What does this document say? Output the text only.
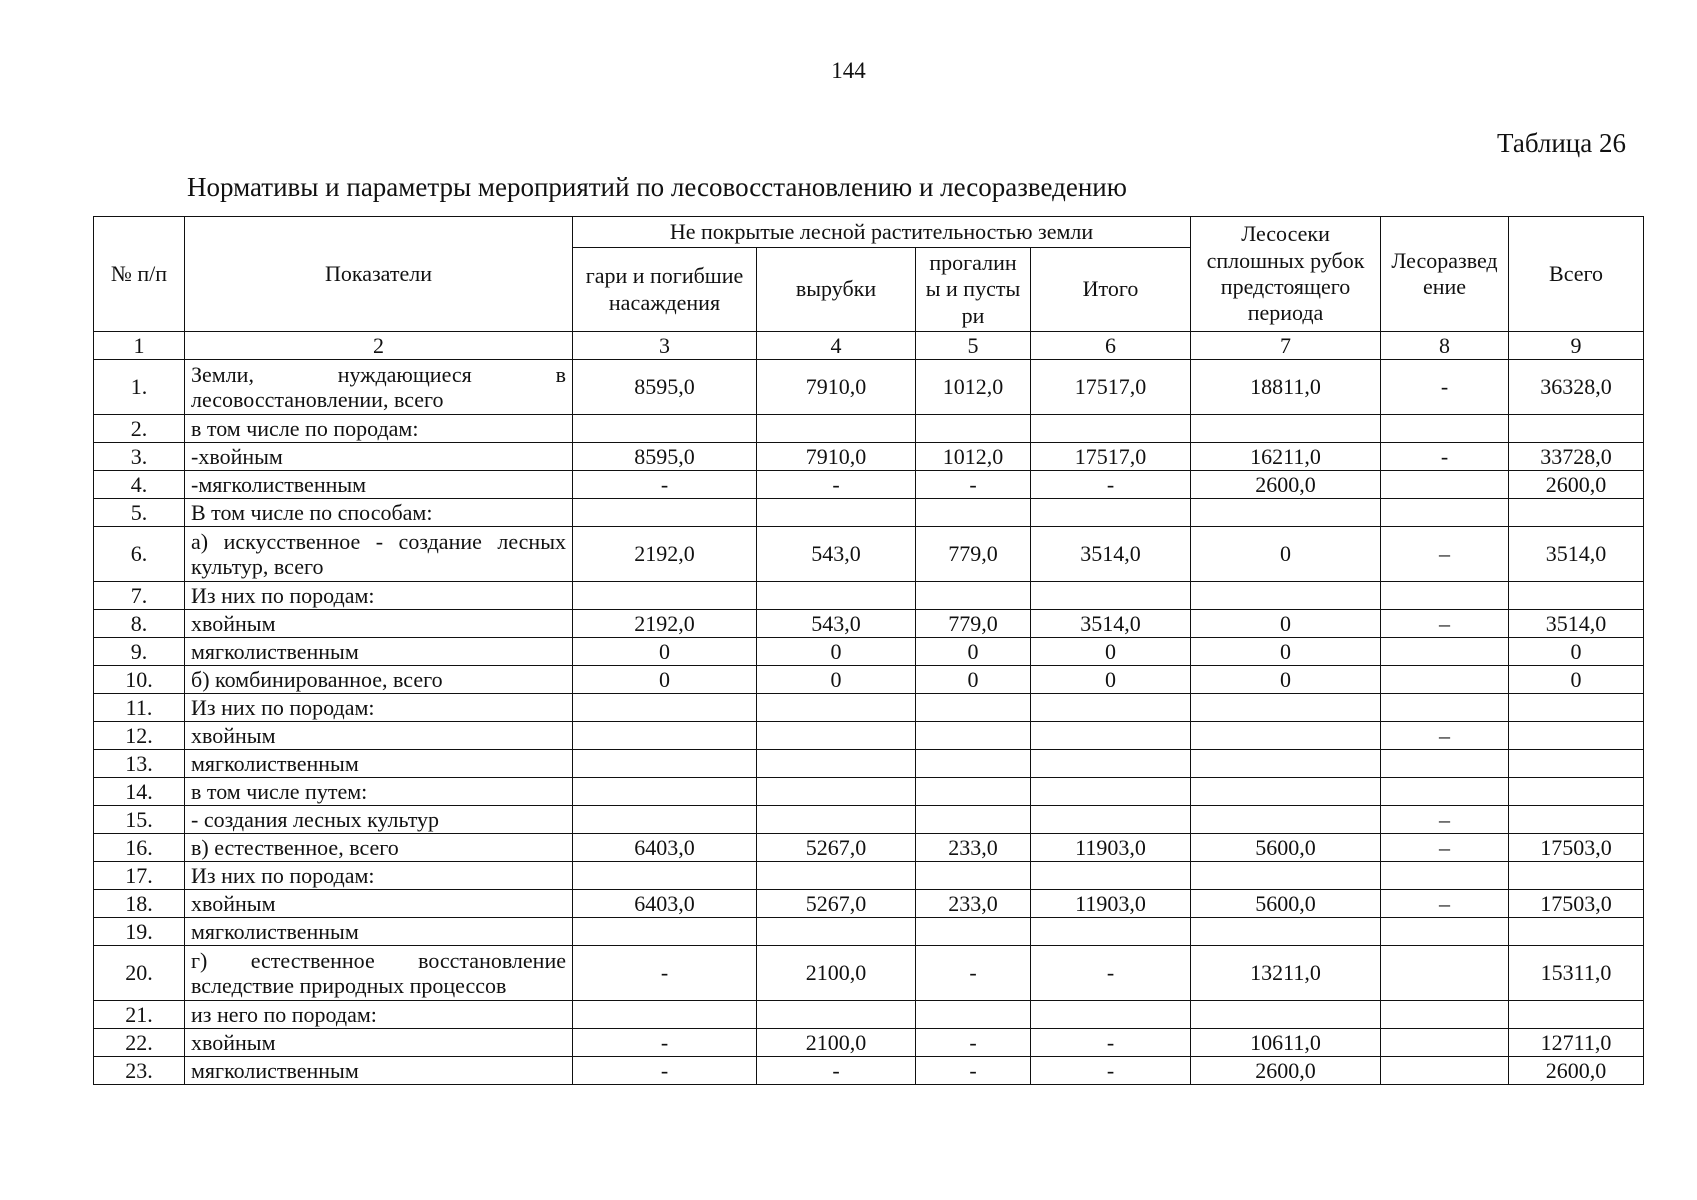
144
Таблица 26
Нормативы и параметры мероприятий по лесовосстановлению и лесоразведению
№ п/п	Показатели	Не покрытые лесной растительностью земли				Лесосеки сплошных рубок предстоящего периода	Лесоразведение	Всего
		гари и погибшие насаждения	вырубки	прогалины и пустыри	Итого			
1	2	3	4	5	6	7	8	9
1.	Земли, нуждающиеся в лесовосстановлении, всего	8595,0	7910,0	1012,0	17517,0	18811,0	-	36328,0
2.	в том числе по породам:							
3.	-хвойным	8595,0	7910,0	1012,0	17517,0	16211,0	-	33728,0
4.	-мягколиственным	-	-	-	-	2600,0		2600,0
5.	В том числе по способам:							
6.	а) искусственное - создание лесных культур, всего	2192,0	543,0	779,0	3514,0	0	–	3514,0
7.	Из них по породам:							
8.	хвойным	2192,0	543,0	779,0	3514,0	0	–	3514,0
9.	мягколиственным	0	0	0	0	0		0
10.	б) комбинированное, всего	0	0	0	0	0		0
11.	Из них по породам:							
12.	хвойным						–	
13.	мягколиственным							
14.	в том числе путем:							
15.	- создания лесных культур						–	
16.	в) естественное, всего	6403,0	5267,0	233,0	11903,0	5600,0	–	17503,0
17.	Из них по породам:							
18.	хвойным	6403,0	5267,0	233,0	11903,0	5600,0	–	17503,0
19.	мягколиственным							
20.	г) естественное восстановление вследствие природных процессов	-	2100,0	-	-	13211,0		15311,0
21.	из него по породам:							
22.	хвойным	-	2100,0	-	-	10611,0		12711,0
23.	мягколиственным	-	-	-	-	2600,0		2600,0
